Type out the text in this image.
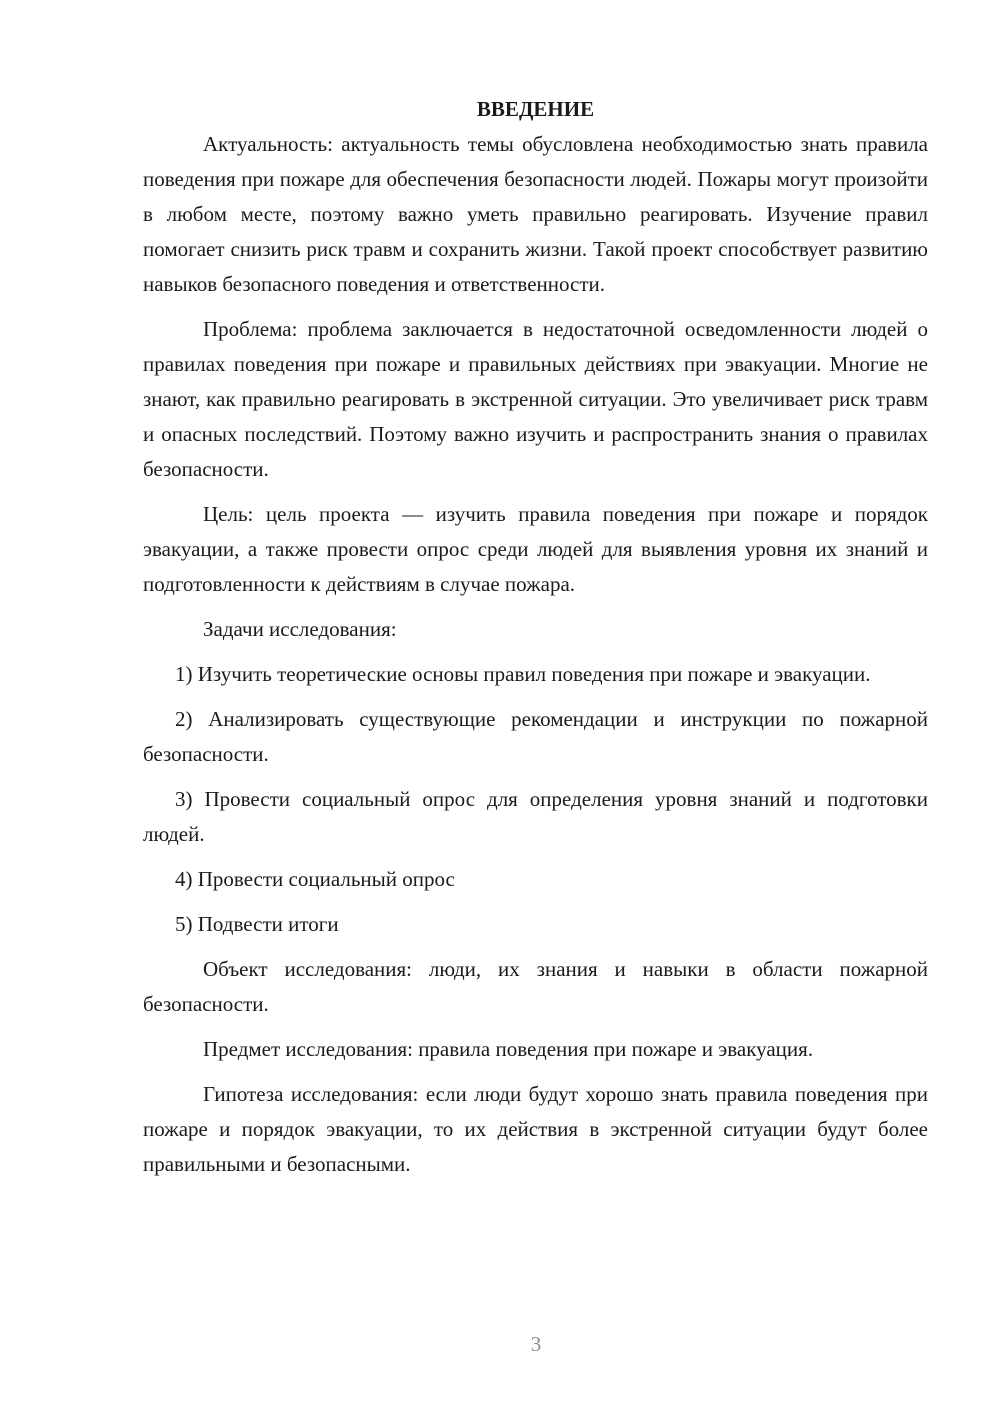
ВВЕДЕНИЕ

Актуальность: актуальность темы обусловлена необходимостью знать правила поведения при пожаре для обеспечения безопасности людей. Пожары могут произойти в любом месте, поэтому важно уметь правильно реагировать. Изучение правил помогает снизить риск травм и сохранить жизни. Такой проект способствует развитию навыков безопасного поведения и ответственности.

Проблема: проблема заключается в недостаточной осведомленности людей о правилах поведения при пожаре и правильных действиях при эвакуации. Многие не знают, как правильно реагировать в экстренной ситуации. Это увеличивает риск травм и опасных последствий. Поэтому важно изучить и распространить знания о правилах безопасности.

Цель: цель проекта — изучить правила поведения при пожаре и порядок эвакуации, а также провести опрос среди людей для выявления уровня их знаний и подготовленности к действиям в случае пожара.

Задачи исследования:

1) Изучить теоретические основы правил поведения при пожаре и эвакуации.

2) Анализировать существующие рекомендации и инструкции по пожарной безопасности.

3) Провести социальный опрос для определения уровня знаний и подготовки людей.

4) Провести социальный опрос

5) Подвести итоги

Объект исследования: люди, их знания и навыки в области пожарной безопасности.

Предмет исследования: правила поведения при пожаре и эвакуация.

Гипотеза исследования: если люди будут хорошо знать правила поведения при пожаре и порядок эвакуации, то их действия в экстренной ситуации будут более правильными и безопасными.

3
